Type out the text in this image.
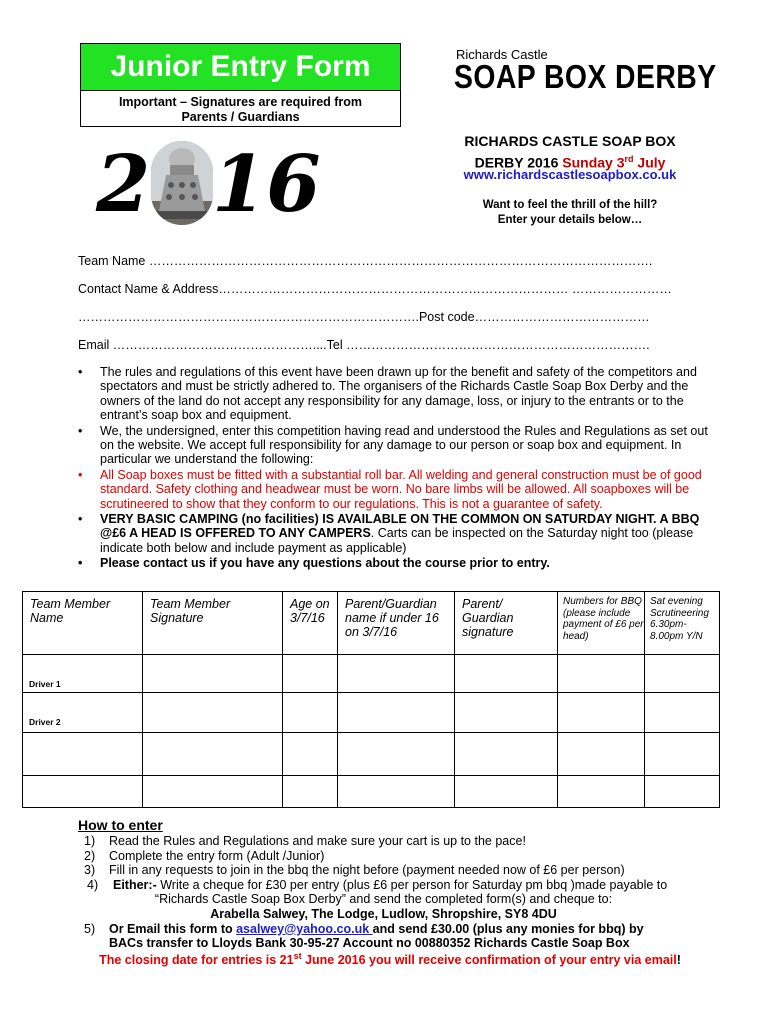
Junior Entry Form
Important – Signatures are required from
Parents / Guardians
Richards Castle
SOAP BOX DERBY
2 16	RICHARDS CASTLE SOAP BOX
DERBY 2016 Sunday 3rd July
www.richardscastlesoapbox.co.uk
Want to feel the thrill of the hill?
Enter your details below…
Team Name ………………………………………………………………………………………………………….
Contact Name & Address………………………………………………………………………… ……………………
……………………………………………………………………….Post code……………………………………
Email …………………………………………....Tel ……………………………………………………………….
• The rules and regulations of this event have been drawn up for the benefit and safety of the competitors and spectators and must be strictly adhered to. The organisers of the Richards Castle Soap Box Derby and the owners of the land do not accept any responsibility for any damage, loss, or injury to the entrants or to the entrant’s soap box and equipment.
• We, the undersigned, enter this competition having read and understood the Rules and Regulations as set out on the website. We accept full responsibility for any damage to our person or soap box and equipment. In particular we understand the following:
• All Soap boxes must be fitted with a substantial roll bar. All welding and general construction must be of good standard. Safety clothing and headwear must be worn. No bare limbs will be allowed. All soapboxes will be scrutineered to show that they conform to our regulations. This is not a guarantee of safety.
• VERY BASIC CAMPING (no facilities) IS AVAILABLE ON THE COMMON ON SATURDAY NIGHT. A BBQ @£6 A HEAD IS OFFERED TO ANY CAMPERS. Carts can be inspected on the Saturday night too (please indicate both below and include payment as applicable)
• Please contact us if you have any questions about the course prior to entry.
Team Member Name	Team Member Signature	Age on 3/7/16	Parent/Guardian name if under 16 on 3/7/16	Parent/ Guardian signature	Numbers for BBQ (please include payment of £6 per head)	Sat evening Scrutineering 6.30pm-8.00pm Y/N
Driver 1						
Driver 2						

How to enter
1) Read the Rules and Regulations and make sure your cart is up to the pace!
2) Complete the entry form (Adult /Junior)
3) Fill in any requests to join in the bbq the night before (payment needed now of £6 per person)
4) Either:- Write a cheque for £30 per entry (plus £6 per person for Saturday pm bbq )made payable to
“Richards Castle Soap Box Derby” and send the completed form(s) and cheque to:
Arabella Salwey, The Lodge, Ludlow, Shropshire, SY8 4DU
5) Or Email this form to asalwey@yahoo.co.uk and send £30.00 (plus any monies for bbq) by
BACs transfer to Lloyds Bank 30-95-27 Account no 00880352 Richards Castle Soap Box
The closing date for entries is 21st June 2016 you will receive confirmation of your entry via email!
